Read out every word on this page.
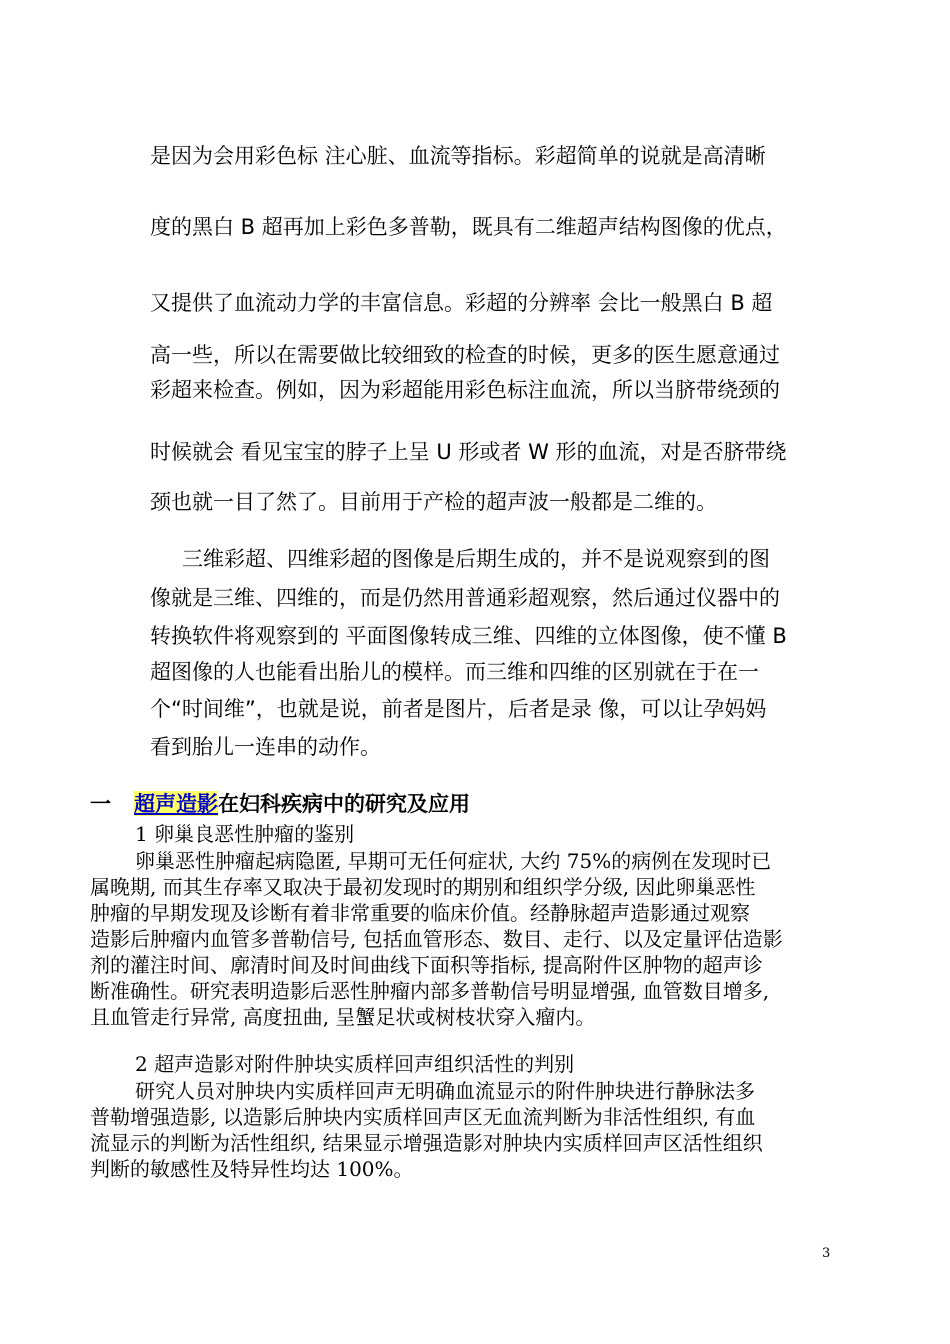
是因为会用彩色标 注心脏、血流等指标。彩超简单的说就是高清晰
度的黑白 B 超再加上彩色多普勒，既具有二维超声结构图像的优点，
又提供了血流动力学的丰富信息。彩超的分辨率 会比一般黑白 B 超
高一些，所以在需要做比较细致的检查的时候，更多的医生愿意通过
彩超来检查。例如，因为彩超能用彩色标注血流，所以当脐带绕颈的
时候就会 看见宝宝的脖子上呈 U 形或者 W 形的血流，对是否脐带绕
颈也就一目了然了。目前用于产检的超声波一般都是二维的。
三维彩超、四维彩超的图像是后期生成的，并不是说观察到的图
像就是三维、四维的，而是仍然用普通彩超观察，然后通过仪器中的
转换软件将观察到的 平面图像转成三维、四维的立体图像，使不懂 B
超图像的人也能看出胎儿的模样。而三维和四维的区别就在于在一
个“时间维”，也就是说，前者是图片，后者是录 像，可以让孕妈妈
看到胎儿一连串的动作。
一 超声造影在妇科疾病中的研究及应用
1 卵巢良恶性肿瘤的鉴别
卵巢恶性肿瘤起病隐匿, 早期可无任何症状, 大约 75%的病例在发现时已
属晚期, 而其生存率又取决于最初发现时的期别和组织学分级, 因此卵巢恶性
肿瘤的早期发现及诊断有着非常重要的临床价值。经静脉超声造影通过观察
造影后肿瘤内血管多普勒信号, 包括血管形态、数目、走行、以及定量评估造影
剂的灌注时间、廓清时间及时间曲线下面积等指标, 提高附件区肿物的超声诊
断准确性。研究表明造影后恶性肿瘤内部多普勒信号明显增强, 血管数目增多,
且血管走行异常, 高度扭曲, 呈蟹足状或树枝状穿入瘤内。
2 超声造影对附件肿块实质样回声组织活性的判别
研究人员对肿块内实质样回声无明确血流显示的附件肿块进行静脉法多
普勒增强造影, 以造影后肿块内实质样回声区无血流判断为非活性组织, 有血
流显示的判断为活性组织, 结果显示增强造影对肿块内实质样回声区活性组织
判断的敏感性及特异性均达 100%。
3
